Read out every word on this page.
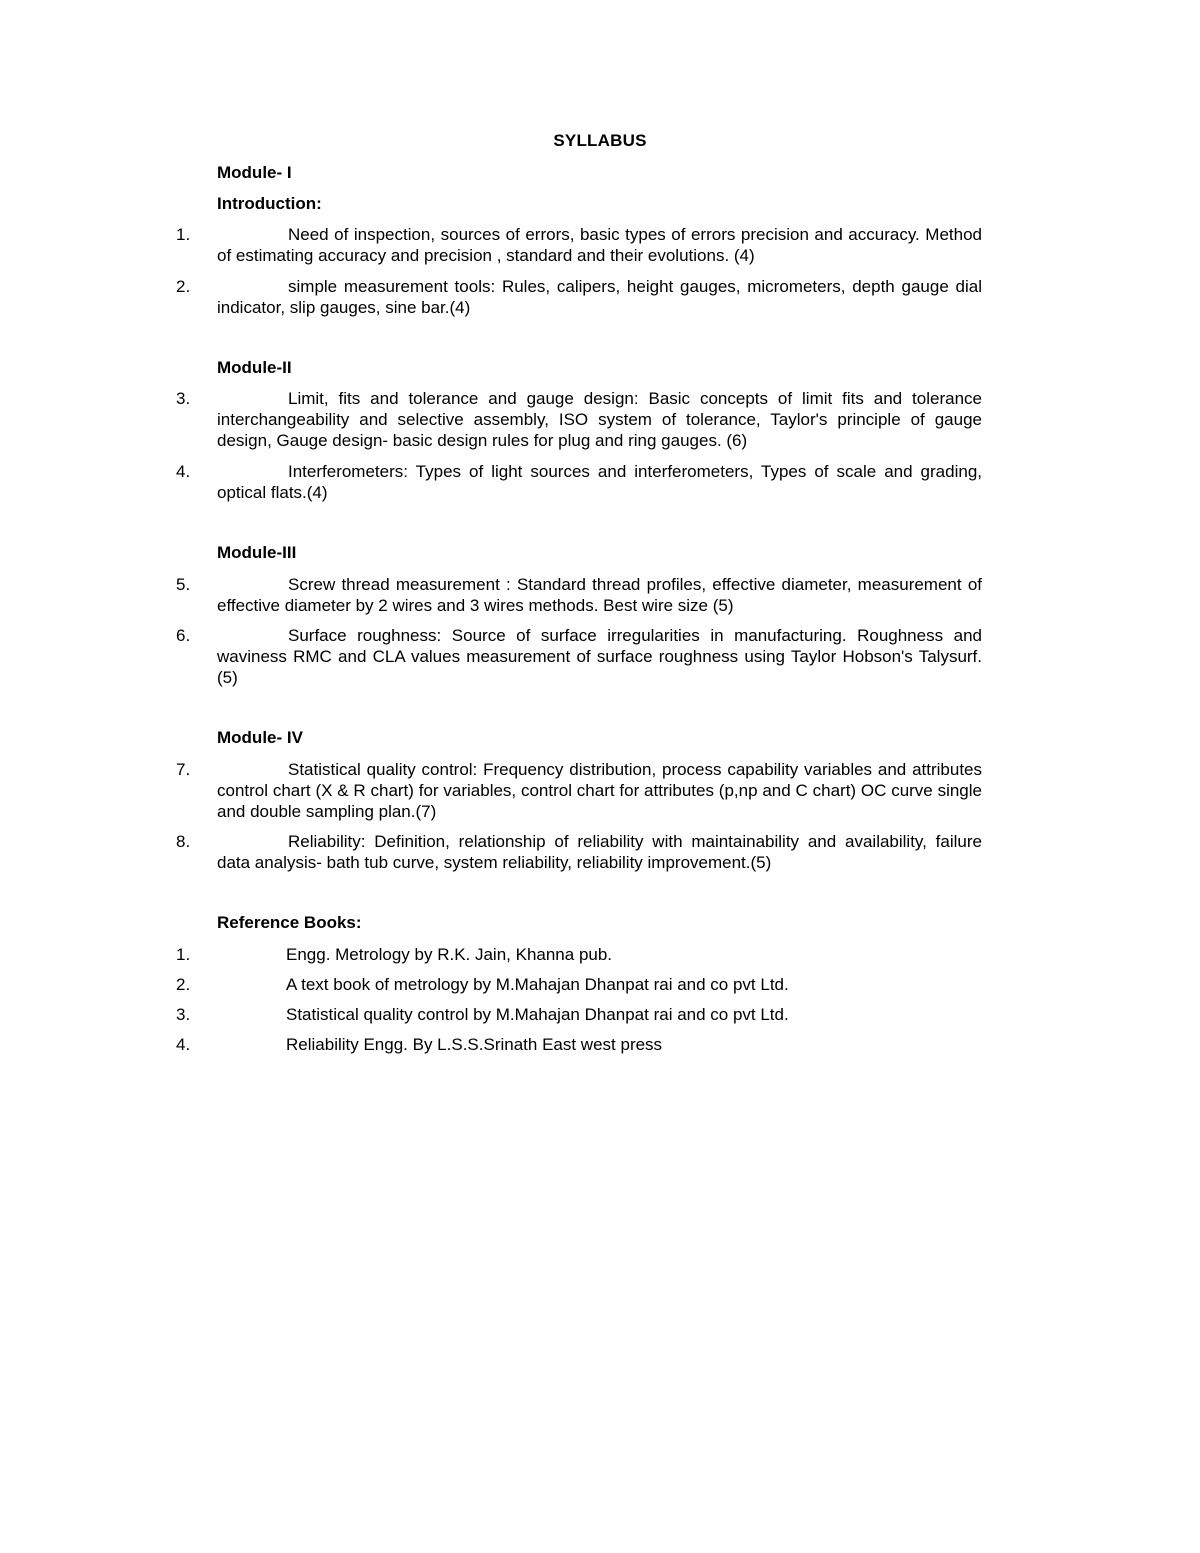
SYLLABUS
Module- I
Introduction:
1.	Need of inspection, sources of errors, basic types of errors precision and accuracy. Method of estimating accuracy and precision , standard and their evolutions. (4)
2.	simple measurement tools: Rules, calipers, height gauges, micrometers, depth gauge dial indicator, slip gauges, sine bar.(4)
Module-II
3.	Limit, fits and tolerance and gauge design: Basic concepts of limit fits and tolerance interchangeability and selective assembly, ISO system of tolerance, Taylor's principle of gauge design, Gauge design- basic design rules for plug and ring gauges. (6)
4.	Interferometers: Types of light sources and interferometers, Types of scale and grading, optical flats.(4)
Module-III
5.	Screw thread measurement : Standard thread profiles, effective diameter, measurement of effective diameter by 2 wires and 3 wires methods. Best wire size (5)
6.	Surface roughness: Source of surface irregularities in manufacturing. Roughness and waviness RMC and CLA values measurement of surface roughness using Taylor Hobson's Talysurf. (5)
Module- IV
7.	Statistical quality control: Frequency distribution, process capability variables and attributes control chart (X & R chart) for variables, control chart for attributes (p,np and C chart) OC curve single and double sampling plan.(7)
8.	Reliability: Definition, relationship of reliability with maintainability and availability, failure data analysis- bath tub curve, system reliability, reliability improvement.(5)
Reference Books:
1.	Engg. Metrology by R.K. Jain, Khanna pub.
2.	A text book of metrology by M.Mahajan Dhanpat rai and co pvt Ltd.
3.	Statistical quality control by M.Mahajan Dhanpat rai and co pvt Ltd.
4.	Reliability Engg. By L.S.S.Srinath East west press
